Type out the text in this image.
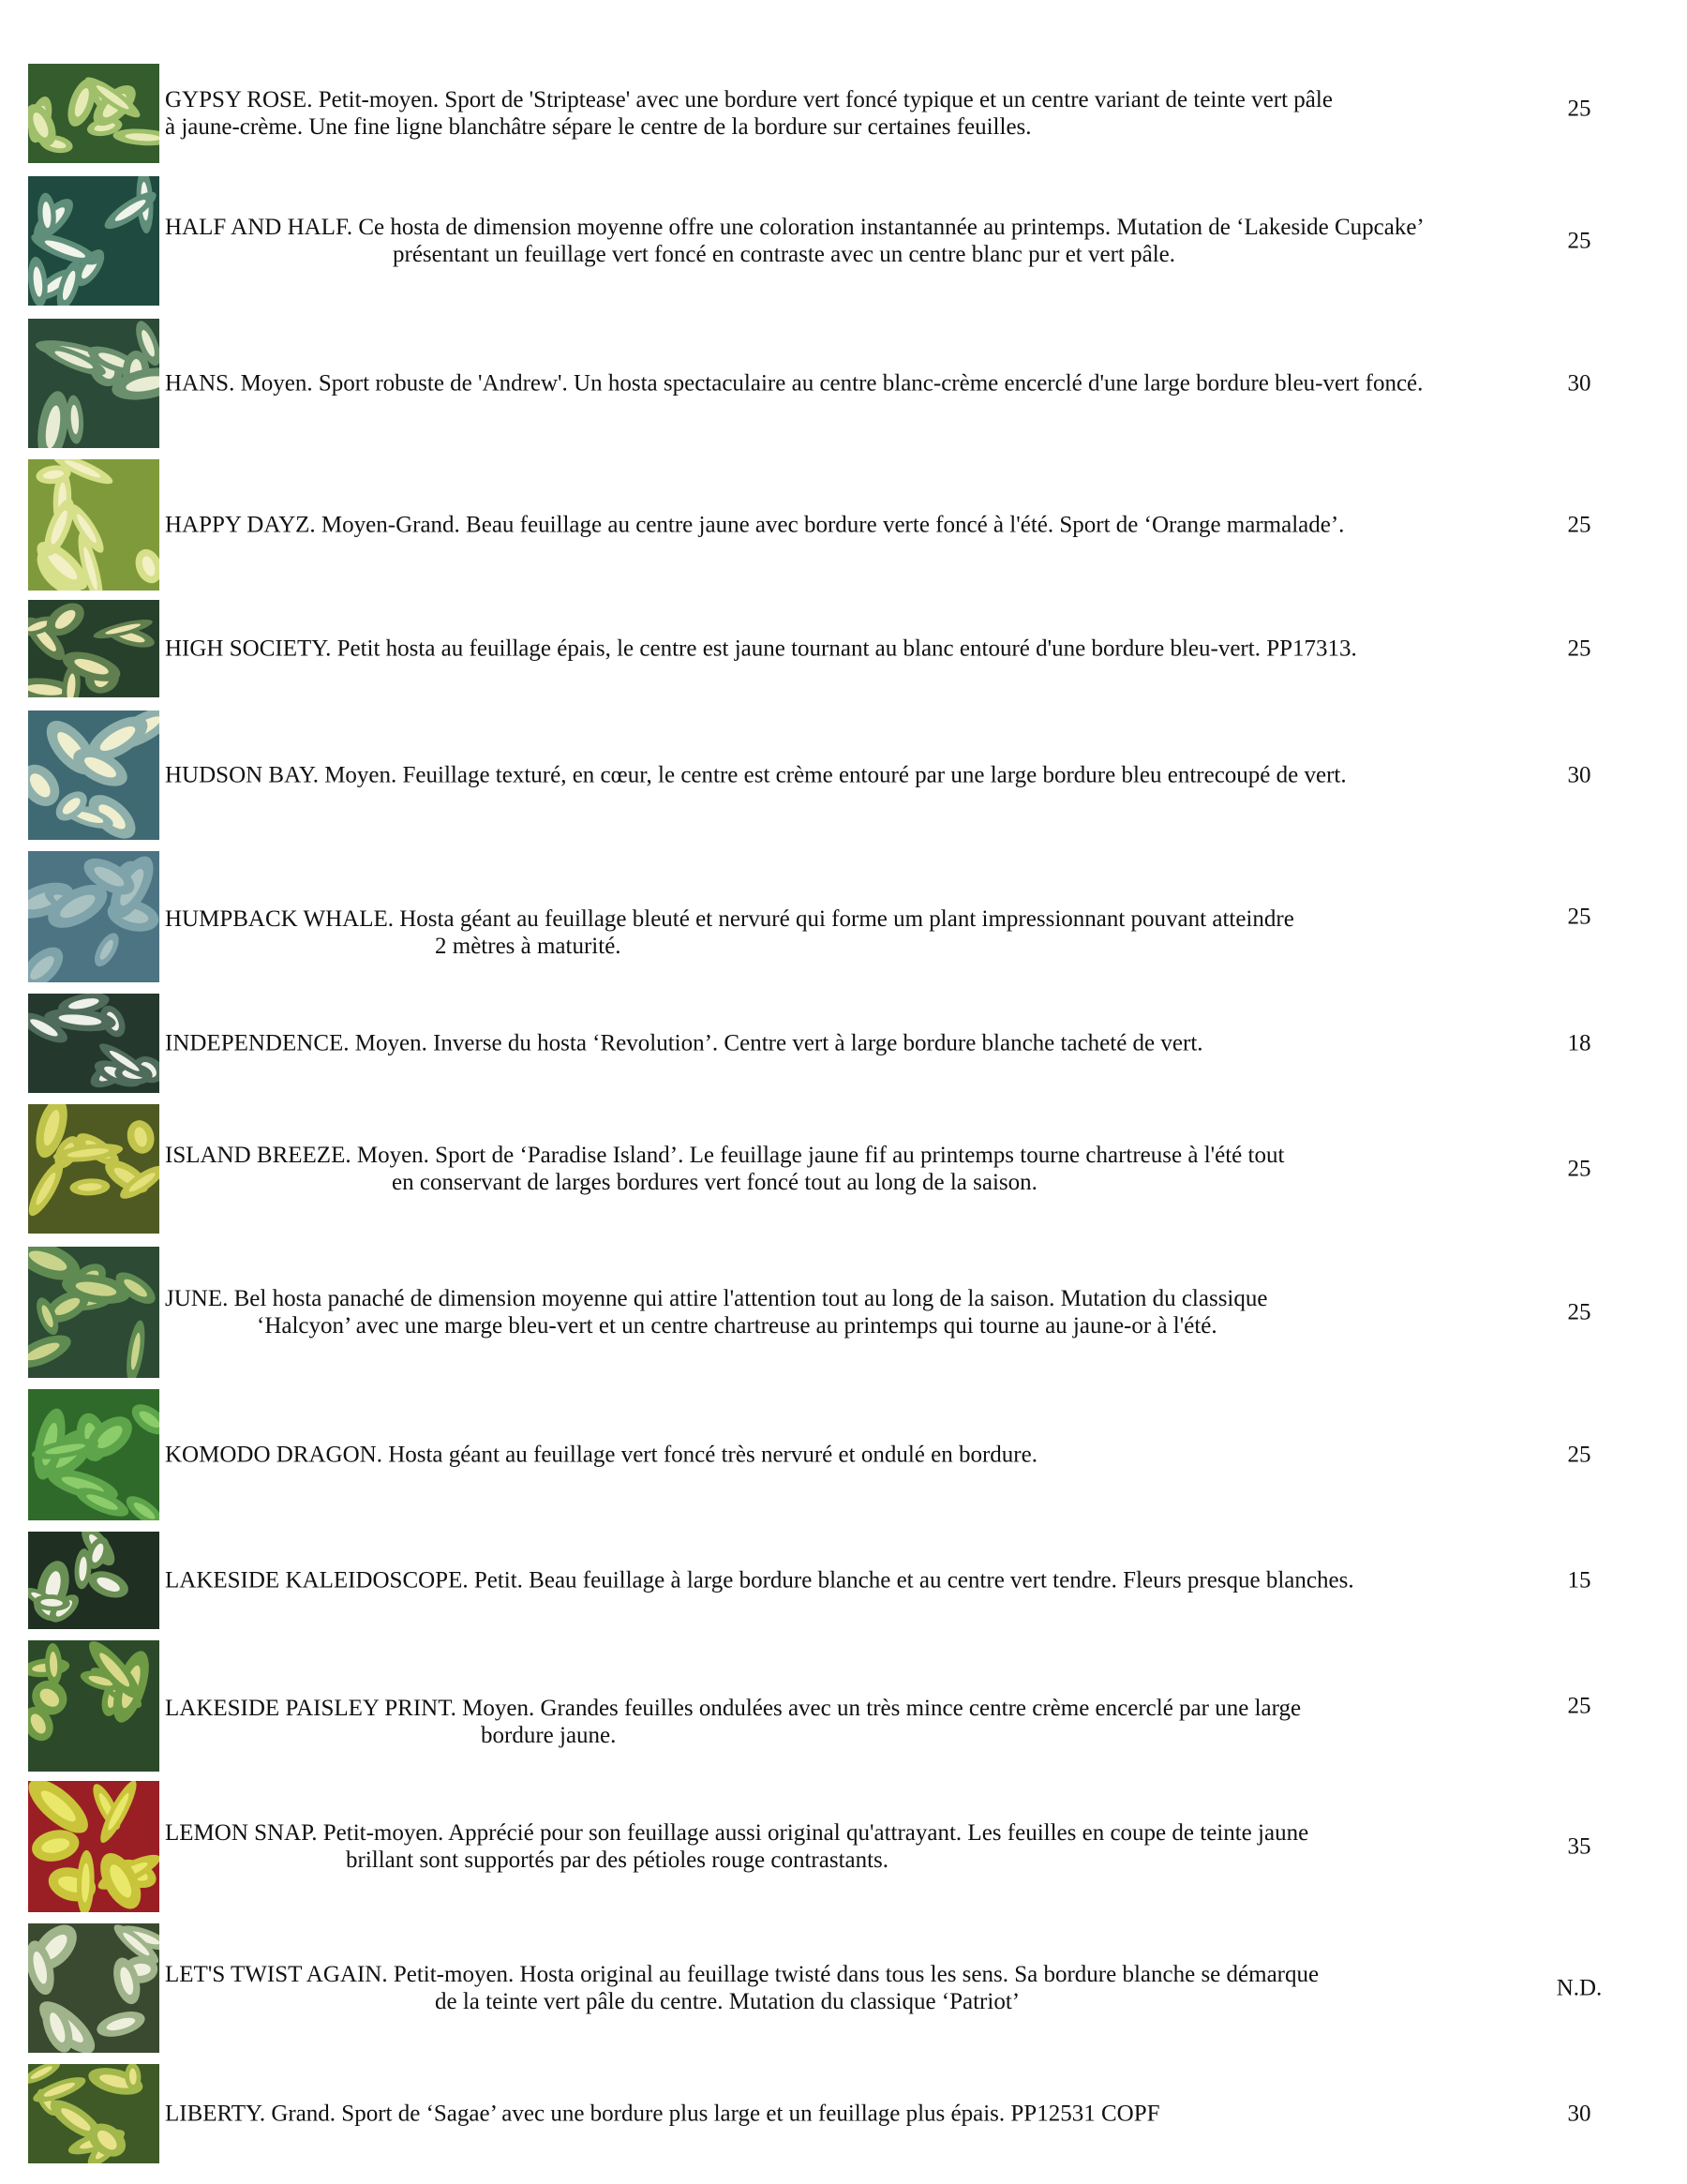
GYPSY ROSE. Petit-moyen. Sport de 'Striptease' avec une bordure vert foncé typique et un centre variant de teinte vert pâle
à jaune-crème. Une fine ligne blanchâtre sépare le centre de la bordure sur certaines feuilles.
25
HALF AND HALF. Ce hosta de dimension moyenne offre une coloration instantannée au printemps. Mutation de ‘Lakeside Cupcake’
présentant un feuillage vert foncé en contraste avec un centre blanc pur et vert pâle.
25
HANS. Moyen. Sport robuste de 'Andrew'. Un hosta spectaculaire au centre blanc-crème encerclé d'une large bordure bleu-vert foncé.	30
HAPPY DAYZ. Moyen-Grand. Beau feuillage au centre jaune avec bordure verte foncé à l'été. Sport de ‘Orange marmalade’.	25
HIGH SOCIETY. Petit hosta au feuillage épais, le centre est jaune tournant au blanc entouré d'une bordure bleu-vert. PP17313.	25
HUDSON BAY. Moyen. Feuillage texturé, en cœur, le centre est crème entouré par une large bordure bleu entrecoupé de vert.	30
HUMPBACK WHALE. Hosta géant au feuillage bleuté et nervuré qui forme um plant impressionnant pouvant atteindre
2 mètres à maturité.
25
INDEPENDENCE. Moyen. Inverse du hosta ‘Revolution’. Centre vert à large bordure blanche tacheté de vert.	18
ISLAND BREEZE. Moyen. Sport de ‘Paradise Island’. Le feuillage jaune fif au printemps tourne chartreuse à l'été tout
en conservant de larges bordures vert foncé tout au long de la saison.
25
JUNE. Bel hosta panaché de dimension moyenne qui attire l'attention tout au long de la saison. Mutation du classique
‘Halcyon’ avec une marge bleu-vert et un centre chartreuse au printemps qui tourne au jaune-or à l'été.
25
KOMODO DRAGON. Hosta géant au feuillage vert foncé très nervuré et ondulé en bordure.	25
LAKESIDE KALEIDOSCOPE. Petit. Beau feuillage à large bordure blanche et au centre vert tendre. Fleurs presque blanches.	15
LAKESIDE PAISLEY PRINT. Moyen. Grandes feuilles ondulées avec un très mince centre crème encerclé par une large
bordure jaune.
25
LEMON SNAP. Petit-moyen. Apprécié pour son feuillage aussi original qu'attrayant. Les feuilles en coupe de teinte jaune
brillant sont supportés par des pétioles rouge contrastants.
35
LET'S TWIST AGAIN. Petit-moyen. Hosta original au feuillage twisté dans tous les sens. Sa bordure blanche se démarque
de la teinte vert pâle du centre. Mutation du classique ‘Patriot’
N.D.
LIBERTY. Grand. Sport de ‘Sagae’ avec une bordure plus large et un feuillage plus épais. PP12531 COPF	30
